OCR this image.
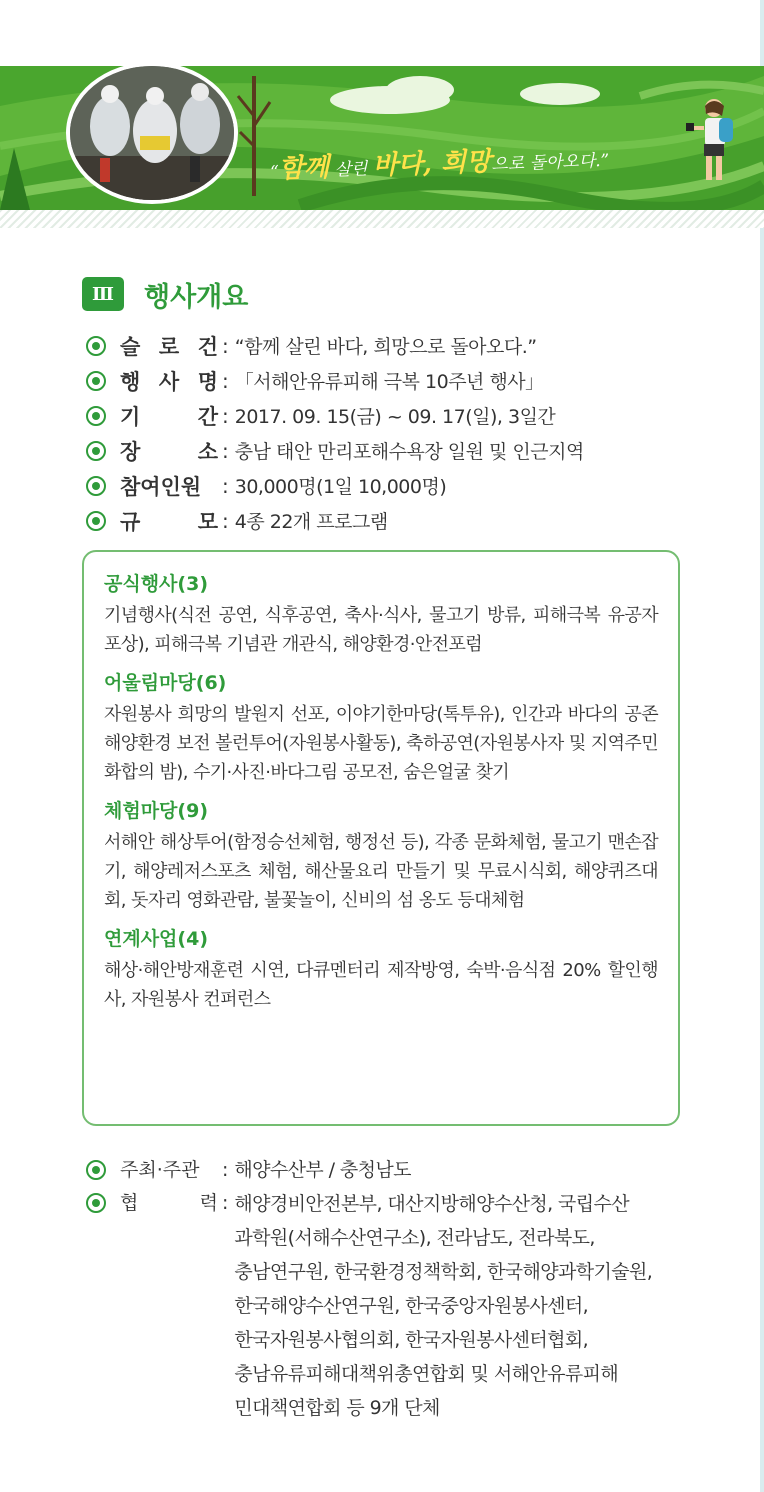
“함께 살린 바다, 희망으로 돌아오다.”
Ⅲ	행사개요
슬 로 건 : “함께 살린 바다, 희망으로 돌아오다.”
행 사 명 : 「서해안유류피해 극복 10주년 행사」
기	간 : 2017. 09. 15(금) ~ 09. 17(일), 3일간
장	소 : 충남 태안 만리포해수욕장 일원 및 인근지역
참여인원 : 30,000명(1일 10,000명)
규	모 : 4종 22개 프로그램
공식행사(3)

기념행사(식전 공연, 식후공연, 축사·식사, 물고기 방류, 피해극복 유공자 포상), 피해극복 기념관 개관식, 해양환경·안전포럼

어울림마당(6)

자원봉사 희망의 발원지 선포, 이야기한마당(톡투유), 인간과 바다의 공존해양환경 보전 볼런투어(자원봉사활동), 축하공연(자원봉사자 및 지역주민 화합의 밤), 수기·사진·바다그림 공모전, 숨은얼굴 찾기

체험마당(9)

서해안 해상투어(함정승선체험, 행정선 등), 각종 문화체험, 물고기 맨손잡기, 해양레저스포츠 체험, 해산물요리 만들기 및 무료시식회, 해양퀴즈대회, 돗자리 영화관람, 불꽃놀이, 신비의 섬 옹도 등대체험

연계사업(4)

해상·해안방재훈련 시연, 다큐멘터리 제작방영, 숙박·음식점 20% 할인행사, 자원봉사 컨퍼런스

주최·주관	: 해양수산부 / 충청남도
협	력 : 해양경비안전본부, 대산지방해양수산청, 국립수산
과학원(서해수산연구소), 전라남도, 전라북도,
충남연구원, 한국환경정책학회, 한국해양과학기술원,
한국해양수산연구원, 한국중앙자원봉사센터,
한국자원봉사협의회, 한국자원봉사센터협회,
충남유류피해대책위총연합회 및 서해안유류피해
민대책연합회 등 9개 단체
